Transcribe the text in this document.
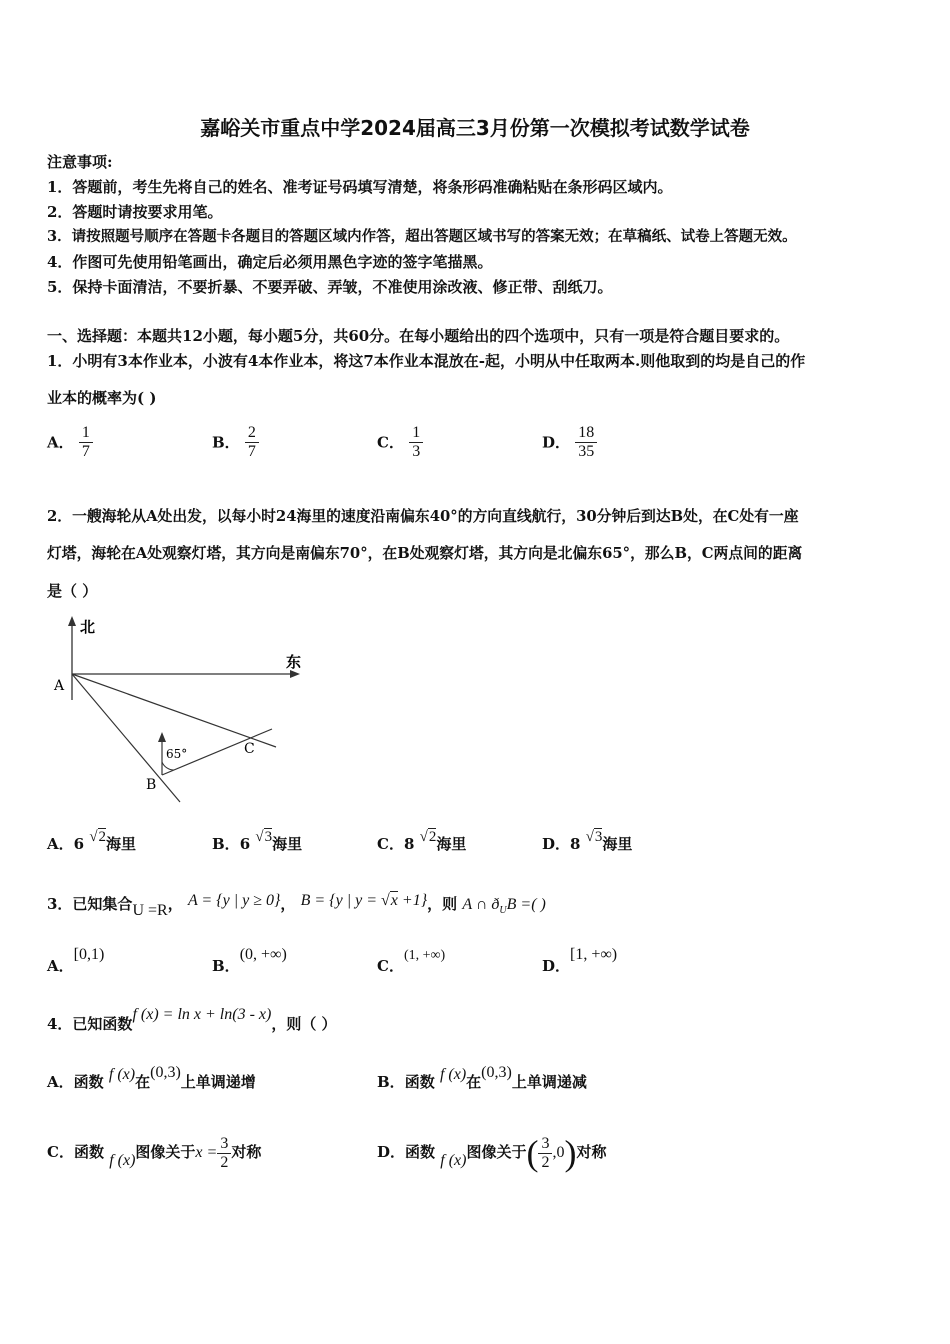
嘉峪关市重点中学2024届高三3月份第一次模拟考试数学试卷
注意事项:
1．答题前，考生先将自己的姓名、准考证号码填写清楚，将条形码准确粘贴在条形码区域内。
2．答题时请按要求用笔。
3．请按照题号顺序在答题卡各题目的答题区域内作答，超出答题区域书写的答案无效；在草稿纸、试卷上答题无效。
4．作图可先使用铅笔画出，确定后必须用黑色字迹的签字笔描黑。
5．保持卡面清洁，不要折暴、不要弄破、弄皱，不准使用涂改液、修正带、刮纸刀。
一、选择题：本题共12小题，每小题5分，共60分。在每小题给出的四个选项中，只有一项是符合题目要求的。
1．小明有3本作业本，小波有4本作业本，将这7本作业本混放在-起，小明从中任取两本.则他取到的均是自己的作
业本的概率为( )
A． $\frac{1}{7}$	B． $\frac{2}{7}$	C． $\frac{1}{3}$	D． $\frac{18}{35}$
2．一艘海轮从A处出发，以每小时24海里的速度沿南偏东40°的方向直线航行，30分钟后到达B处，在C处有一座
灯塔，海轮在A处观察灯塔，其方向是南偏东70°，在B处观察灯塔，其方向是北偏东65°，那么B，C两点间的距离
是（ ）
北
东
65°
A
B
C
A．6 √2海里	B．6 √3海里	C．8 √2海里	D．8 √3海里
3．已知集合U =R， A = {y | y ≥ 0}， B = {y | y = √x +1}，则 A ∩ $ð_UB$ =( )
A．[0,1)
B．(0, +∞)
C．(1, +∞)
D．[1, +∞)
4．已知函数f (x) = ln x + ln(3 - x)，则（ ）
A．函数 f (x)在(0,3)上单调递增	B．函数 f (x)在(0,3)上单调递减
C．函数 f (x)图像关于$x = \frac{3}{2}$ 对称	D．函数 f (x)图像关于( $\frac{3}{2} ,0$)对称
